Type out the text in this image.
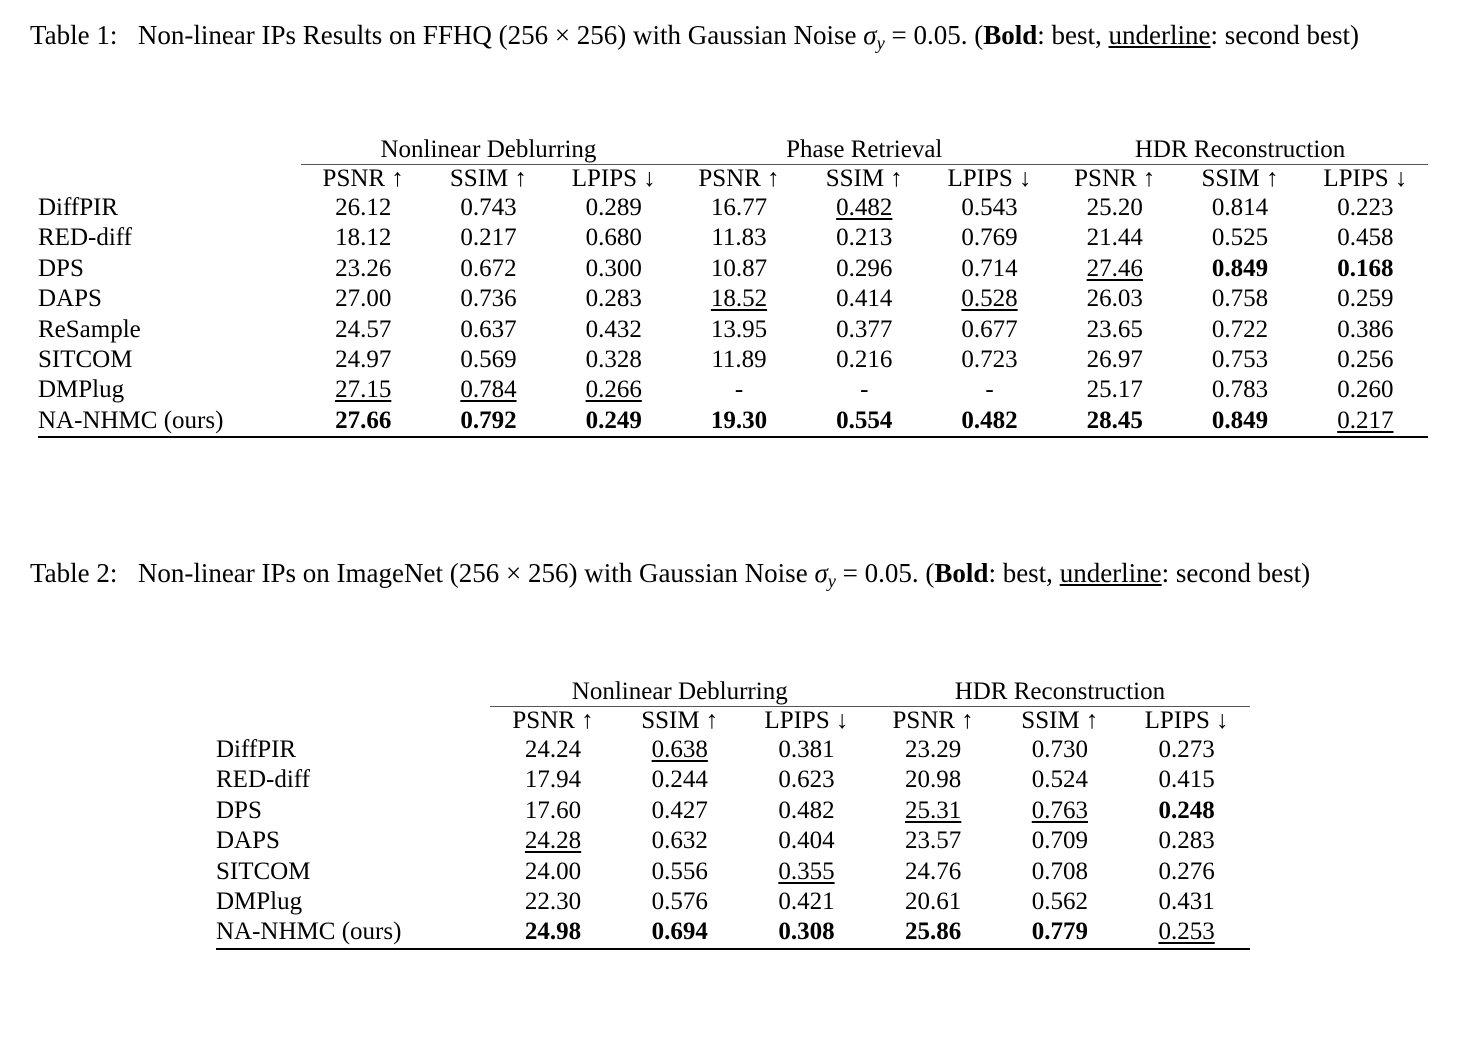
Table 1: Non-linear IPs Results on FFHQ (256 × 256) with Gaussian Noise $\sigma_y = 0.05$. (Bold: best, underline: second best)
	Nonlinear Deblurring			Phase Retrieval			HDR Reconstruction		
	PSNR ↑	SSIM ↑	LPIPS ↓	PSNR ↑	SSIM ↑	LPIPS ↓	PSNR ↑	SSIM ↑	LPIPS ↓
DiffPIR	26.12	0.743	0.289	16.77	0.482	0.543	25.20	0.814	0.223
RED-diff	18.12	0.217	0.680	11.83	0.213	0.769	21.44	0.525	0.458
DPS	23.26	0.672	0.300	10.87	0.296	0.714	27.46	0.849	0.168
DAPS	27.00	0.736	0.283	18.52	0.414	0.528	26.03	0.758	0.259
ReSample	24.57	0.637	0.432	13.95	0.377	0.677	23.65	0.722	0.386
SITCOM	24.97	0.569	0.328	11.89	0.216	0.723	26.97	0.753	0.256
DMPlug	27.15	0.784	0.266	-	-	-	25.17	0.783	0.260
NA-NHMC (ours)	27.66	0.792	0.249	19.30	0.554	0.482	28.45	0.849	0.217
Table 2: Non-linear IPs on ImageNet (256 × 256) with Gaussian Noise $\sigma_y = 0.05$. (Bold: best, underline: second best)
	Nonlinear Deblurring			HDR Reconstruction		
	PSNR ↑	SSIM ↑	LPIPS ↓	PSNR ↑	SSIM ↑	LPIPS ↓
DiffPIR	24.24	0.638	0.381	23.29	0.730	0.273
RED-diff	17.94	0.244	0.623	20.98	0.524	0.415
DPS	17.60	0.427	0.482	25.31	0.763	0.248
DAPS	24.28	0.632	0.404	23.57	0.709	0.283
SITCOM	24.00	0.556	0.355	24.76	0.708	0.276
DMPlug	22.30	0.576	0.421	20.61	0.562	0.431
NA-NHMC (ours)	24.98	0.694	0.308	25.86	0.779	0.253
